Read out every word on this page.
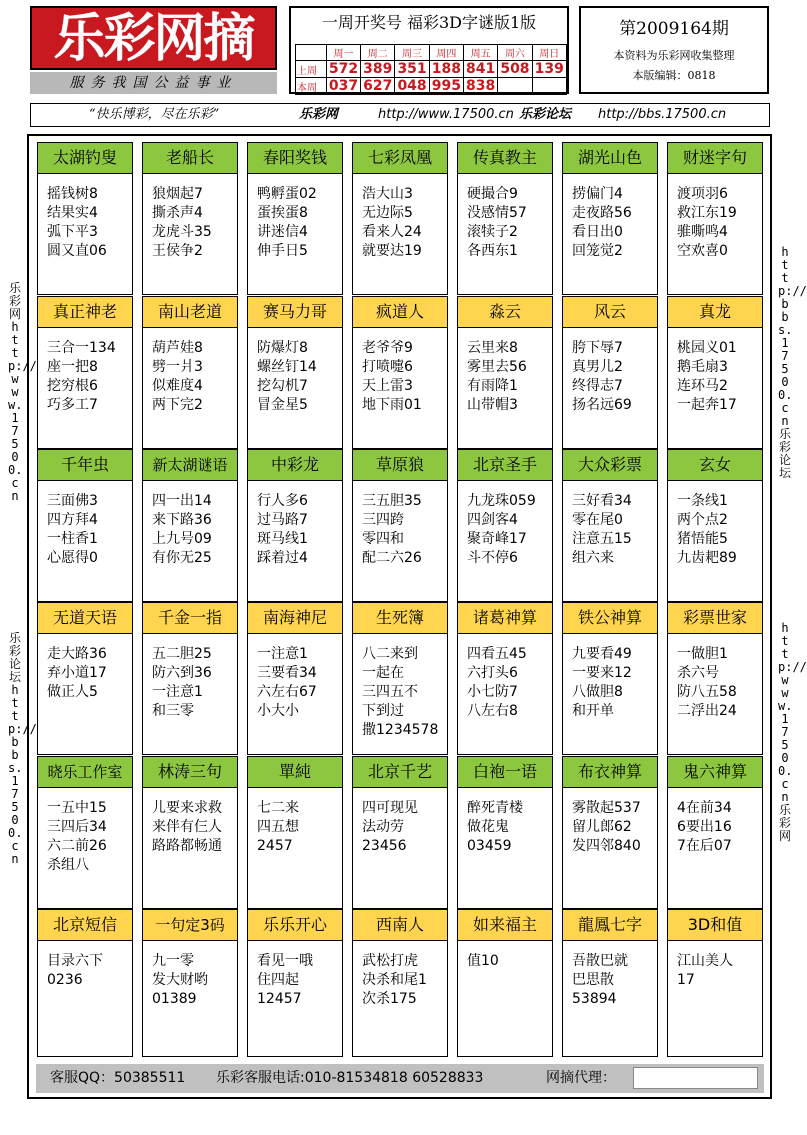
乐彩网摘
服务我国公益事业
一周开奖号 福彩3D字谜版1版
	周一	周二	周三	周四	周五	周六	周日
上周	572	389	351	188	841	508	139
本周	037	627	048	995	838		
第2009164期
本资料为乐彩网收集整理
本版编辑：0818
“快乐博彩，尽在乐彩”	乐彩网	http://www.17500.cn 乐彩论坛 http://bbs.17500.cn
乐彩网 http://www.17500.cn
乐彩论坛 http://bbs.17500.cn
http://bbs.17500.cn 乐彩论坛
http://www.17500.cn 乐彩网
太湖钓叟
摇钱树8
结果实4
弧下平3
圆又直06
老船长
狼烟起7
撕杀声4
龙虎斗35
王侯争2
春阳奖钱
鸭孵蛋02
蛋挨蛋8
讲迷信4
伸手日5
七彩凤凰
浩大山3
无边际5
看来人24
就要达19
传真教主
硬撮合9
没感情57
滚犊子2
各西东1
湖光山色
捞偏门4
走夜路56
看日出0
回笼觉2
财迷字句
渡项羽6
救江东19
骓嘶鸣4
空欢喜0
真正神老
三合一134
座一把8
挖穷根6
巧多工7
南山老道
葫芦娃8
劈一爿3
似难度4
两下完2
赛马力哥
防爆灯8
螺丝钉14
挖勾机7
冒金星5
疯道人
老爷爷9
打喷嚏6
天上雷3
地下雨01
淼云
云里来8
雾里去56
有雨降1
山带帽3
风云
胯下辱7
真男儿2
终得志7
扬名远69
真龙
桃园义01
鹅毛扇3
连环马2
一起奔17
千年虫
三面佛3
四方拜4
一柱香1
心愿得0
新太湖谜语
四一出14
来下路36
上九号09
有你无25
中彩龙
行人多6
过马路7
斑马线1
踩着过4
草原狼
三五胆35
三四跨
零四和
配二六26
北京圣手
九龙珠059
四剑客4
聚奇峰17
斗不停6
大众彩票
三好看34
零在尾0
注意五15
组六来
玄女
一条线1
两个点2
猪悟能5
九齿耙89
无道天语
走大路36
弃小道17
做正人5
千金一指
五二胆25
防六到36
一注意1
和三零
南海神尼
一注意1
三要看34
六左右67
小大小
生死簿
八二来到
一起在
三四五不
下到过
撒1234578
诸葛神算
四看五45
六打头6
小七防7
八左右8
铁公神算
九要看49
一要来12
八做胆8
和开单
彩票世家
一做胆1
杀六号
防八五58
二浮出24
晓乐工作室
一五中15
三四后34
六二前26
杀组八
林涛三句
儿要来求救
来伴有仨人
路路都畅通
單純
七二来
四五想
2457
北京千艺
四可现见
法动劳
23456
白袍一语
醉死青楼
做花鬼
03459
布衣神算
雾散起537
留儿郎62
发四邻840
鬼六神算
4在前34
6要出16
7在后07
北京短信
目录六下
0236
一句定3码
九一零
发大财哟
01389
乐乐开心
看见一哦
住四起
12457
西南人
武松打虎
决杀和尾1
次杀175
如来福主
值10
龍鳳七字
吾散巴就
巴思散
53894
3D和值
江山美人
17
客服QQ：50385511 乐彩客服电话:010-81534818 60528833	网摘代理：
